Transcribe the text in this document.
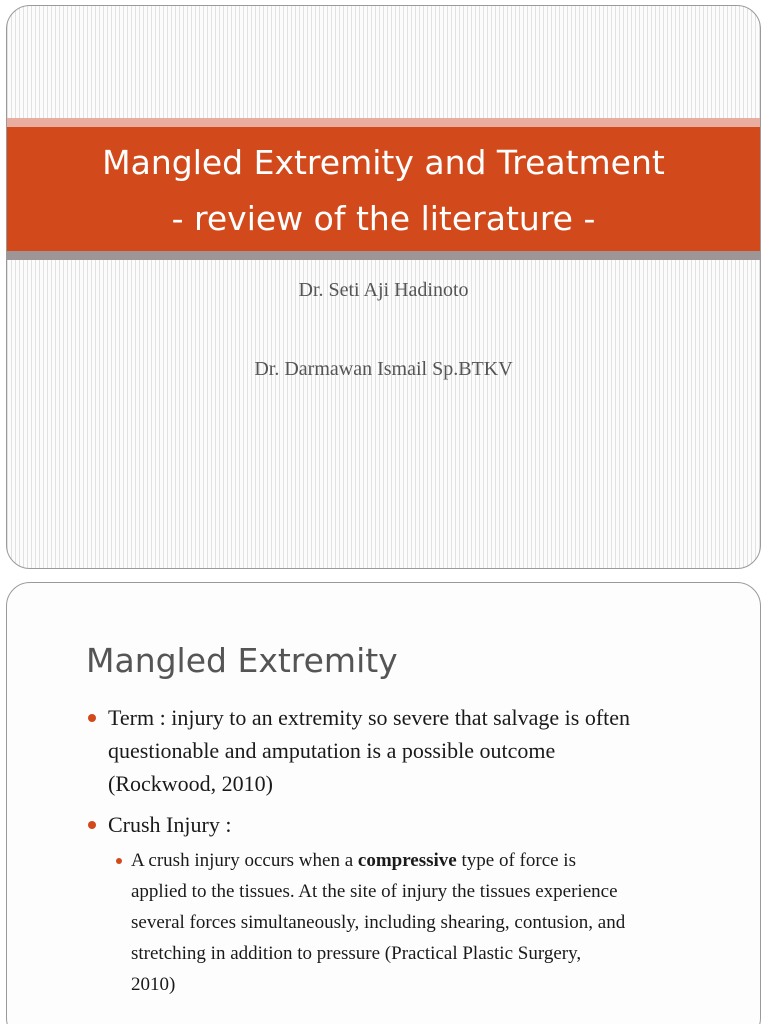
Mangled Extremity and Treatment
- review of the literature -
Dr. Seti Aji Hadinoto
Dr. Darmawan Ismail Sp.BTKV
Mangled Extremity
Term : injury to an extremity so severe that salvage is often
questionable and amputation is a possible outcome
(Rockwood, 2010)
Crush Injury :
A crush injury occurs when a compressive type of force is
applied to the tissues. At the site of injury the tissues experience
several forces simultaneously, including shearing, contusion, and
stretching in addition to pressure (Practical Plastic Surgery,
2010)
